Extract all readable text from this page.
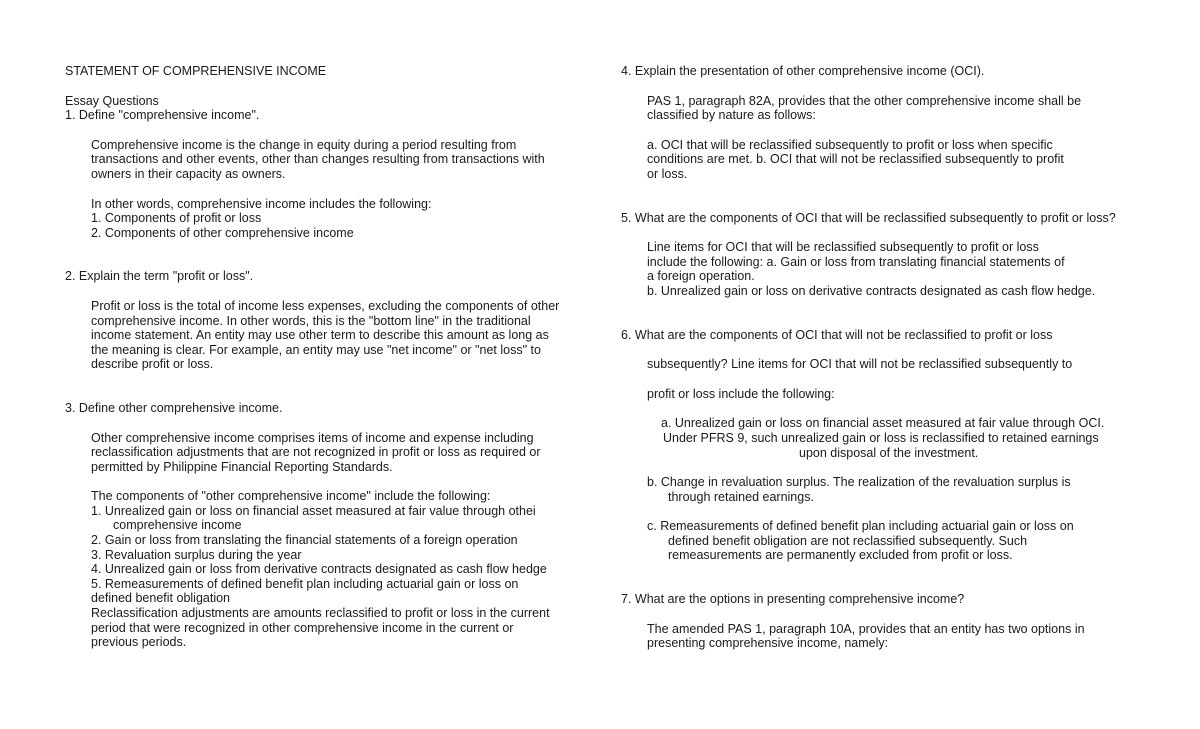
STATEMENT OF COMPREHENSIVE INCOME
Essay Questions
1. Define "comprehensive income".
Comprehensive income is the change in equity during a period resulting from
transactions and other events, other than changes resulting from transactions with
owners in their capacity as owners.
In other words, comprehensive income includes the following:
1. Components of profit or loss
2. Components of other comprehensive income
2. Explain the term "profit or loss".
Profit or loss is the total of income less expenses, excluding the components of other
comprehensive income. In other words, this is the "bottom line" in the traditional
income statement. An entity may use other term to describe this amount as long as
the meaning is clear. For example, an entity may use "net income" or "net loss" to
describe profit or loss.
3. Define other comprehensive income.
Other comprehensive income comprises items of income and expense including
reclassification adjustments that are not recognized in profit or loss as required or
permitted by Philippine Financial Reporting Standards.
The components of "other comprehensive income" include the following:
1. Unrealized gain or loss on financial asset measured at fair value through othei
comprehensive income
2. Gain or loss from translating the financial statements of a foreign operation
3. Revaluation surplus during the year
4. Unrealized gain or loss from derivative contracts designated as cash flow hedge
5. Remeasurements of defined benefit plan including actuarial gain or loss on
defined benefit obligation
Reclassification adjustments are amounts reclassified to profit or loss in the current
period that were recognized in other comprehensive income in the current or
previous periods.
4. Explain the presentation of other comprehensive income (OCI).
PAS 1, paragraph 82A, provides that the other comprehensive income shall be
classified by nature as follows:
a. OCI that will be reclassified subsequently to profit or loss when specific
conditions are met. b. OCI that will not be reclassified subsequently to profit
or loss.
5. What are the components of OCI that will be reclassified subsequently to profit or loss?
Line items for OCI that will be reclassified subsequently to profit or loss
include the following: a. Gain or loss from translating financial statements of
a foreign operation.
b. Unrealized gain or loss on derivative contracts designated as cash flow hedge.
6. What are the components of OCI that will not be reclassified to profit or loss
subsequently? Line items for OCI that will not be reclassified subsequently to
profit or loss include the following:
a. Unrealized gain or loss on financial asset measured at fair value through OCI.
Under PFRS 9, such unrealized gain or loss is reclassified to retained earnings
upon disposal of the investment.
b. Change in revaluation surplus. The realization of the revaluation surplus is
through retained earnings.
c. Remeasurements of defined benefit plan including actuarial gain or loss on
defined benefit obligation are not reclassified subsequently. Such
remeasurements are permanently excluded from profit or loss.
7. What are the options in presenting comprehensive income?
The amended PAS 1, paragraph 10A, provides that an entity has two options in
presenting comprehensive income, namely:
